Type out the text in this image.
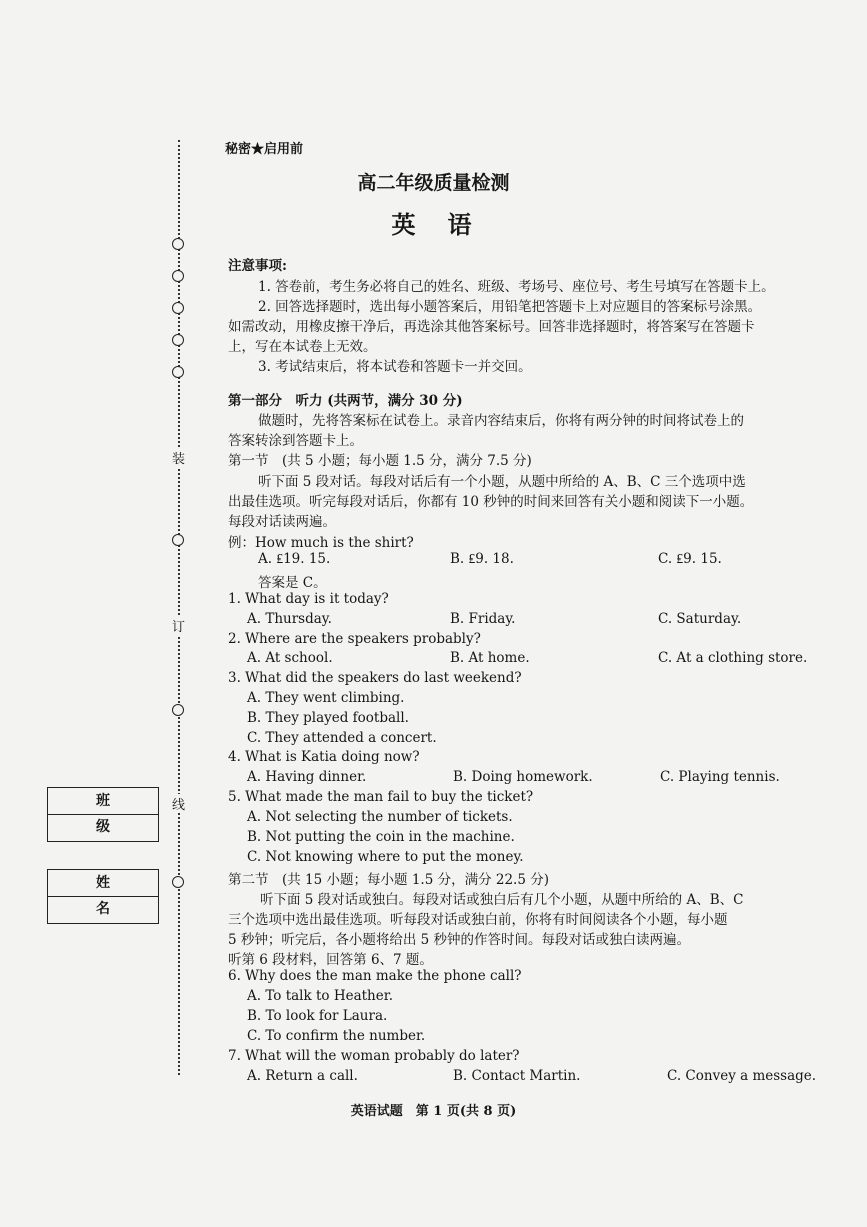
装
订
线
班　级
姓　名
秘密★启用前
高二年级质量检测
英　语
注意事项:
1. 答卷前，考生务必将自己的姓名、班级、考场号、座位号、考生号填写在答题卡上。
2. 回答选择题时，选出每小题答案后，用铅笔把答题卡上对应题目的答案标号涂黑。
如需改动，用橡皮擦干净后，再选涂其他答案标号。回答非选择题时，将答案写在答题卡
上，写在本试卷上无效。
3. 考试结束后，将本试卷和答题卡一并交回。
第一部分　听力 (共两节，满分 30 分)
做题时，先将答案标在试卷上。录音内容结束后，你将有两分钟的时间将试卷上的
答案转涂到答题卡上。
第一节　(共 5 小题；每小题 1.5 分，满分 7.5 分)
听下面 5 段对话。每段对话后有一个小题，从题中所给的 A、B、C 三个选项中选
出最佳选项。听完每段对话后，你都有 10 秒钟的时间来回答有关小题和阅读下一小题。
每段对话读两遍。
例：How much is the shirt?
A. ₤19. 15.	B. ₤9. 18.	C. ₤9. 15.
答案是 C。
1. What day is it today?
A. Thursday.	B. Friday.	C. Saturday.
2. Where are the speakers probably?
A. At school.	B. At home.	C. At a clothing store.
3. What did the speakers do last weekend?
A. They went climbing.
B. They played football.
C. They attended a concert.
4. What is Katia doing now?
A. Having dinner.	B. Doing homework.	C. Playing tennis.
5. What made the man fail to buy the ticket?
A. Not selecting the number of tickets.
B. Not putting the coin in the machine.
C. Not knowing where to put the money.
第二节　(共 15 小题；每小题 1.5 分，满分 22.5 分)
听下面 5 段对话或独白。每段对话或独白后有几个小题，从题中所给的 A、B、C
三个选项中选出最佳选项。听每段对话或独白前，你将有时间阅读各个小题，每小题
5 秒钟；听完后，各小题将给出 5 秒钟的作答时间。每段对话或独白读两遍。
听第 6 段材料，回答第 6、7 题。
6. Why does the man make the phone call?
A. To talk to Heather.
B. To look for Laura.
C. To confirm the number.
7. What will the woman probably do later?
A. Return a call.	B. Contact Martin.	C. Convey a message.
英语试题　第 1 页(共 8 页)
